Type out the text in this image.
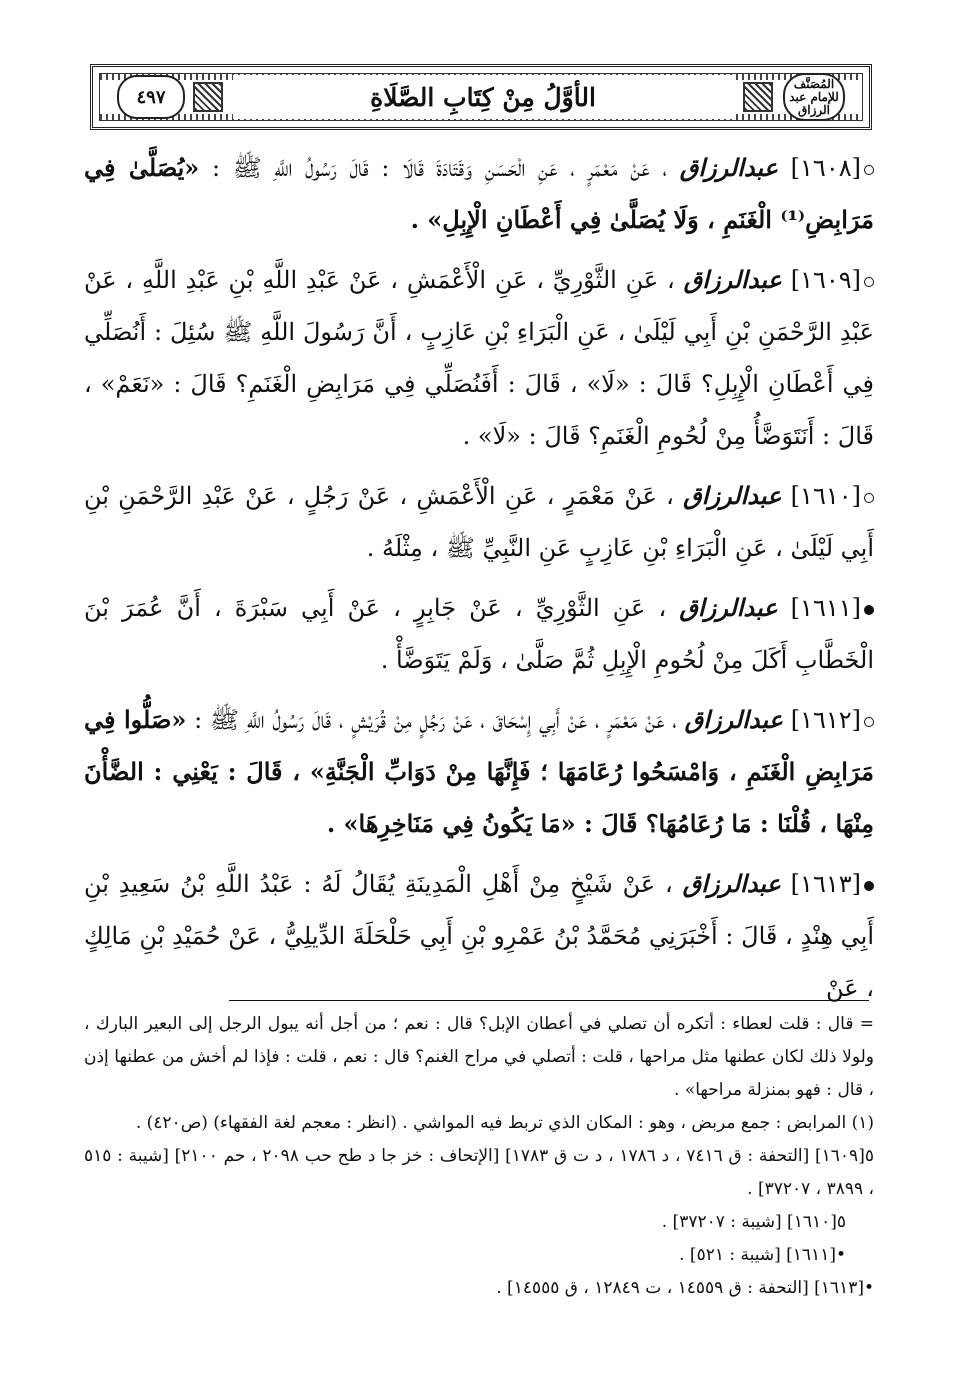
٤٩٧	الأوَّلُ مِنْ كِتَابِ الصَّلَاةِ	المُصَنَّف
للإمام عبد الرزاق

[١٦٠٨] عبدالرزاق ، عَنْ مَعْمَرٍ ، عَنِ الْحَسَنِ وَقَتَادَةَ قَالَا : قَالَ رَسُولُ اللَّهِ ﷺ : «يُصَلَّىٰ فِي مَرَابِضِ⁽¹⁾ الْغَنَمِ ، وَلَا يُصَلَّىٰ فِي أَعْطَانِ الْإِبِلِ» .

[١٦٠٩] عبدالرزاق ، عَنِ الثَّوْرِيِّ ، عَنِ الْأَعْمَشِ ، عَنْ عَبْدِ اللَّهِ بْنِ عَبْدِ اللَّهِ ، عَنْ عَبْدِ الرَّحْمَنِ بْنِ أَبِي لَيْلَىٰ ، عَنِ الْبَرَاءِ بْنِ عَازِبٍ ، أَنَّ رَسُولَ اللَّهِ ﷺ سُئِلَ : أَنُصَلِّي فِي أَعْطَانِ الْإِبِلِ؟ قَالَ : «لَا» ، قَالَ : أَفَنُصَلِّي فِي مَرَابِضِ الْغَنَمِ؟ قَالَ : «نَعَمْ» ، قَالَ : أَنَتَوَضَّأُ مِنْ لُحُومِ الْغَنَمِ؟ قَالَ : «لَا» .

[١٦١٠] عبدالرزاق ، عَنْ مَعْمَرٍ ، عَنِ الْأَعْمَشِ ، عَنْ رَجُلٍ ، عَنْ عَبْدِ الرَّحْمَنِ بْنِ أَبِي لَيْلَىٰ ، عَنِ الْبَرَاءِ بْنِ عَازِبٍ عَنِ النَّبِيِّ ﷺ ، مِثْلَهُ .

[١٦١١] عبدالرزاق ، عَنِ الثَّوْرِيِّ ، عَنْ جَابِرٍ ، عَنْ أَبِي سَبْرَةَ ، أَنَّ عُمَرَ بْنَ الْخَطَّابِ أَكَلَ مِنْ لُحُومِ الْإِبِلِ ثُمَّ صَلَّىٰ ، وَلَمْ يَتَوَضَّأْ .

[١٦١٢] عبدالرزاق ، عَنْ مَعْمَرٍ ، عَنْ أَبِي إِسْحَاقَ ، عَنْ رَجُلٍ مِنْ قُرَيْشٍ ، قَالَ رَسُولُ اللَّهِ ﷺ : «صَلُّوا فِي مَرَابِضِ الْغَنَمِ ، وَامْسَحُوا رُعَامَهَا ؛ فَإِنَّهَا مِنْ دَوَابِّ الْجَنَّةِ» ، قَالَ : يَعْنِي : الضَّأْنَ مِنْهَا ، قُلْنَا : مَا رُعَامُهَا؟ قَالَ : «مَا يَكُونُ فِي مَنَاخِرِهَا» .

[١٦١٣] عبدالرزاق ، عَنْ شَيْخٍ مِنْ أَهْلِ الْمَدِينَةِ يُقَالُ لَهُ : عَبْدُ اللَّهِ بْنُ سَعِيدِ بْنِ أَبِي هِنْدٍ ، قَالَ : أَخْبَرَنِي مُحَمَّدُ بْنُ عَمْرِو بْنِ أَبِي حَلْحَلَةَ الدِّيلِيُّ ، عَنْ حُمَيْدِ بْنِ مَالِكٍ ، عَنْ

= قال : قلت لعطاء : أتكره أن تصلي في أعطان الإبل؟ قال : نعم ؛ من أجل أنه يبول الرجل إلى البعير البارك ، ولولا ذلك لكان عطنها مثل مراحها ، قلت : أتصلي في مراح الغنم؟ قال : نعم ، قلت : فإذا لم أخش من عطنها إذن ، قال : فهو بمنزلة مراحها» .

(١) المرابض : جمع مربض ، وهو : المكان الذي تربط فيه المواشي . (انظر : معجم لغة الفقهاء) (ص٤٢٠) .

٥[١٦٠٩] [التحفة : ق ٧٤١٦ ، د ١٧٨٦ ، د ت ق ١٧٨٣] [الإتحاف : خز جا د طح حب ٢٠٩٨ ، حم ٢١٠٠] [شيبة : ٥١٥ ، ٣٨٩٩ ، ٣٧٢٠٧] .

٥[١٦١٠] [شيبة : ٣٧٢٠٧] .

•[١٦١١] [شيبة : ٥٢١] .

•[١٦١٣] [التحفة : ق ١٤٥٥٩ ، ت ١٢٨٤٩ ، ق ١٤٥٥٥] .
